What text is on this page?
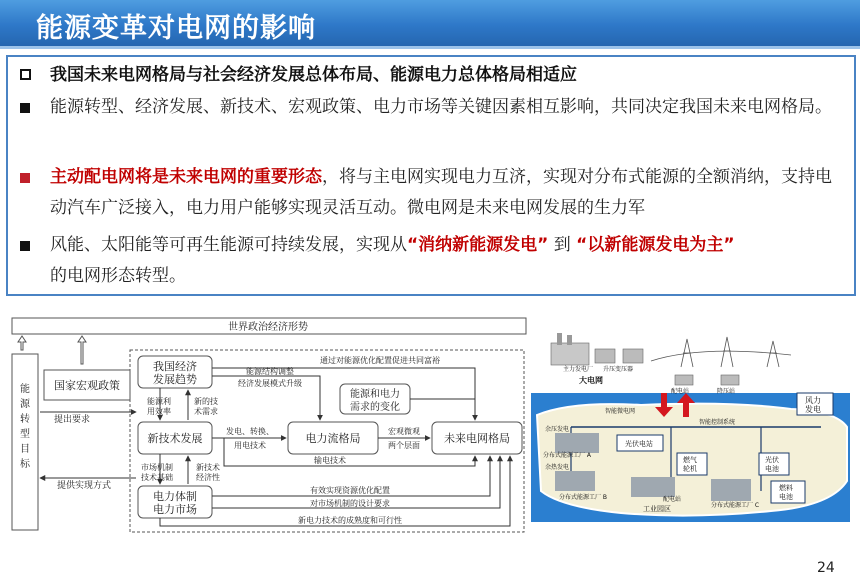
能源变革对电网的影响
我国未来电网格局与社会经济发展总体布局、能源电力总体格局相适应
能源转型、经济发展、新技术、宏观政策、电力市场等关键因素相互影响，共同决定我国未来电网格局。
主动配电网将是未来电网的重要形态，将与主电网实现电力互济，实现对分布式能源的全额消纳，支持电动汽车广泛接入，电力用户能够实现灵活互动。微电网是未来电网发展的生力军
风能、太阳能等可再生能源可持续发展，实现从“消纳新能源发电” 到 “以新能源发电为主”
的电网形态转型。
世界政治经济形势
能
源
转
型
目
标
国家宏观政策
提出要求
提供实现方式
我国经济
发展趋势
新技术发展	电力流格局	未来电网格局
电力体制
电力市场
能源和电力
需求的变化
通过对能源优化配置促进共同富裕
能源结构调整
经济发展模式升级
能源利
用效率
新的技
术需求
发电、转换、
用电技术
宏观微观
两个层面
输电技术
市场机制
技术基础
新技术
经济性
有效实现资源优化配置
对市场机制的设计要求
新电力技术的成熟度和可行性
主力发电厂 升压变压器
大电网
配电站	降压站
智能微电网
风力
发电
智能控制系统
光伏电站
燃气
轮机
光伏
电池
燃料
电池
余压发电
分布式能源工厂 A
余热发电
分布式能源工厂 B
分布式能源工厂 C
工业园区
配电站
24
